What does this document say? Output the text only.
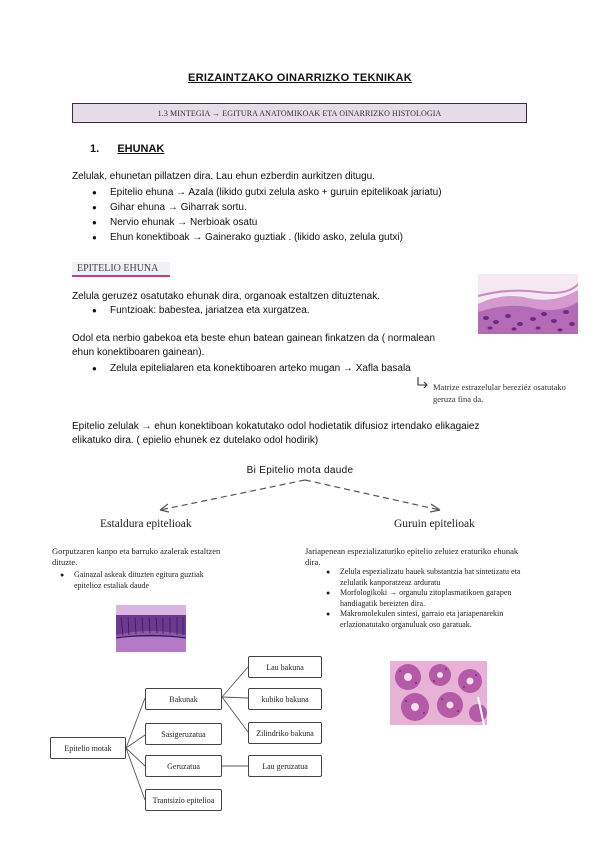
ERIZAINTZAKO OINARRIZKO TEKNIKAK
1.3 MINTEGIA → EGITURA ANATOMIKOAK ETA OINARRIZKO HISTOLOGIA
1. EHUNAK
Zelulak, ehunetan pillatzen dira. Lau ehun ezberdin aurkitzen ditugu.
● Epitelio ehuna → Azala (likido gutxi zelula asko + guruin epitelikoak jariatu)
● Gihar ehuna → Giharrak sortu.
● Nervio ehunak → Nerbioak osatu
● Ehun konektiboak → Gainerako guztiak . (likido asko, zelula gutxi)
EPITELIO EHUNA
Zelula geruzez osatutako ehunak dira, organoak estaltzen dituztenak.
● Funtzioak: babestea, jariatzea eta xurgatzea.
Odol eta nerbio gabekoa eta beste ehun batean gainean finkatzen da ( normalean
ehun konektiboaren gainean).
● Zelula epitelialaren eta konektiboaren arteko mugan → Xafla basala
Matrize estrazelular bereziéz osatutako
geruza fina da.
Epitelio zelulak → ehun konektiboan kokatutako odol hodietatik difusioz irtendako elikagaiez
elikatuko dira. ( epielio ehunek ez dutelako odol hodirik)
Bi Epitelio mota daude
Estaldura epitelioak
Gorputzaren kanpo eta barruko azalerak estaltzen
dituzte.
● Gainazal askeak dituzten egitura guztiak
epitelioz estaliak daude
Guruin epitelioak
Jariapenean espezializaturiko epitelio zeluiez eraturiko ehunak
dira.
● Zelula espezializatu hauek substantzia bat sintetizatu eta
zelulatik kanporatzeaz arduratu
● Morfologikoki → organulu zitoplasmatikoen garapen
handiagatik bereizten dira.
● Makromolekulen sintesi, garraio eta jariapenarekin
erlazionatutako organuluak oso garatuak.
Epitelio motak
Bakunak
Sasigeruzatua
Geruzatua
Trantsizio epitelioa
Lau bakuna
kubiko bakuna
Zilindriko bakuna
Lau geruzatua
